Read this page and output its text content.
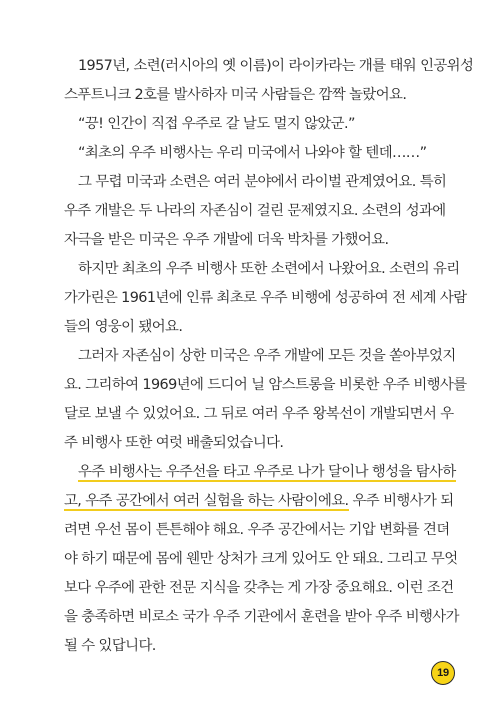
1957년, 소련(러시아의 옛 이름)이 라이카라는 개를 태워 인공위성
스푸트니크 2호를 발사하자 미국 사람들은 깜짝 놀랐어요.
“끙! 인간이 직접 우주로 갈 날도 멀지 않았군.”
“최초의 우주 비행사는 우리 미국에서 나와야 할 텐데……”
그 무렵 미국과 소련은 여러 분야에서 라이벌 관계였어요. 특히
우주 개발은 두 나라의 자존심이 걸린 문제였지요. 소련의 성과에
자극을 받은 미국은 우주 개발에 더욱 박차를 가했어요.
하지만 최초의 우주 비행사 또한 소련에서 나왔어요. 소련의 유리
가가린은 1961년에 인류 최초로 우주 비행에 성공하여 전 세계 사람
들의 영웅이 됐어요.
그러자 자존심이 상한 미국은 우주 개발에 모든 것을 쏟아부었지
요. 그리하여 1969년에 드디어 닐 암스트롱을 비롯한 우주 비행사를
달로 보낼 수 있었어요. 그 뒤로 여러 우주 왕복선이 개발되면서 우
주 비행사 또한 여럿 배출되었습니다.
우주 비행사는 우주선을 타고 우주로 나가 달이나 행성을 탐사하
고, 우주 공간에서 여러 실험을 하는 사람이에요. 우주 비행사가 되
려면 우선 몸이 튼튼해야 해요. 우주 공간에서는 기압 변화를 견뎌
야 하기 때문에 몸에 웬만 상처가 크게 있어도 안 돼요. 그리고 무엇
보다 우주에 관한 전문 지식을 갖추는 게 가장 중요해요. 이런 조건
을 충족하면 비로소 국가 우주 기관에서 훈련을 받아 우주 비행사가
될 수 있답니다.
19
